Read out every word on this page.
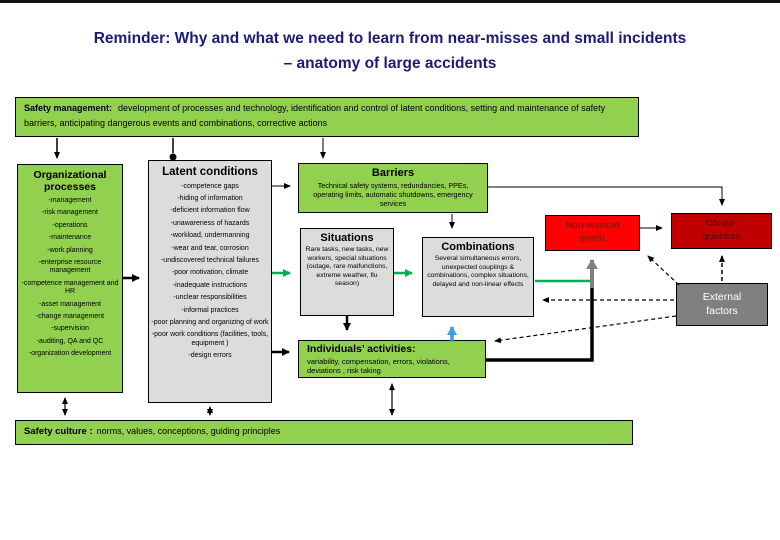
Reminder: Why and what we need to learn from near-misses and small incidents
– anatomy of large accidents
Safety management: development of processes and technology, identification and control of latent conditions, setting and maintenance of safety barriers, anticipating dangerous events and combinations, corrective actions
Organizational processes
-management
-risk management
-operations
-maintenance
-work planning
-enterprise resource management
-competence management and HR
-asset management
-change management
-supervision
-auditing, QA and QC
-organization development
Latent conditions
-competence gaps
-hiding of information
-deficient information flow
-unawareness of hazards
-workload, undermanning
-wear and tear, corrosion
-undiscovered technical failures
-poor motivation, climate
-inadequate instructions
-unclear responsibilities
-informal practices
-poor planning and organizing of work
-poor work conditions (facilities, tools, equipment )
-design errors
Barriers
Technical safety systems, redundancies, PPEs, operating limits, automatic shutdowns, emergency services
Situations
Rare tasks, new tasks, new workers, special situations (outage, rare malfunctions, extreme weather, flu season)
Combinations
Several simultaneous errors, unexpected couplings & combinations, complex situations, delayed and non-linear effects
Non-wanted event
Conse-
quences
External factors
Individuals’ activities:
variability, compensation, errors, violations, deviations , risk taking
Safety culture : norms, values, conceptions, guiding principles
